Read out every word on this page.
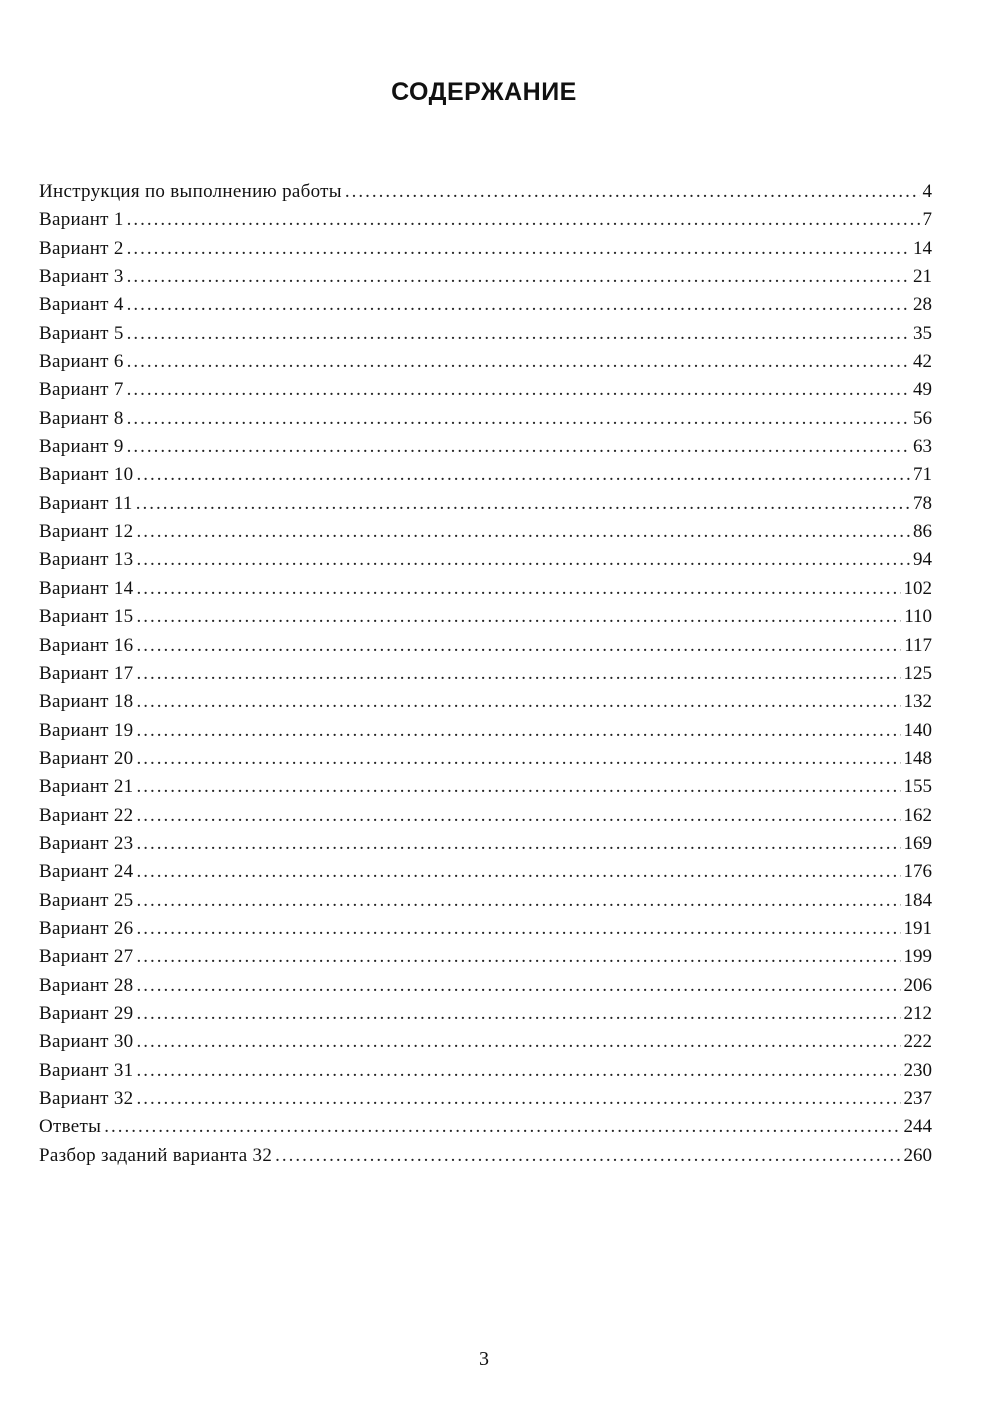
СОДЕРЖАНИЕ
Инструкция по выполнению работы .....	4
Вариант 1 .....	7
Вариант 2 .....	14
Вариант 3 .....	21
Вариант 4 .....	28
Вариант 5 .....	35
Вариант 6 .....	42
Вариант 7 .....	49
Вариант 8 .....	56
Вариант 9 .....	63
Вариант 10 .....	71
Вариант 11 .....	78
Вариант 12 .....	86
Вариант 13 .....	94
Вариант 14 .....	102
Вариант 15 .....	110
Вариант 16 .....	117
Вариант 17 .....	125
Вариант 18 .....	132
Вариант 19 .....	140
Вариант 20 .....	148
Вариант 21 .....	155
Вариант 22 .....	162
Вариант 23 .....	169
Вариант 24 .....	176
Вариант 25 .....	184
Вариант 26 .....	191
Вариант 27 .....	199
Вариант 28 .....	206
Вариант 29 .....	212
Вариант 30 .....	222
Вариант 31 .....	230
Вариант 32 .....	237
Ответы .....	244
Разбор заданий варианта 32 .....	260
3
